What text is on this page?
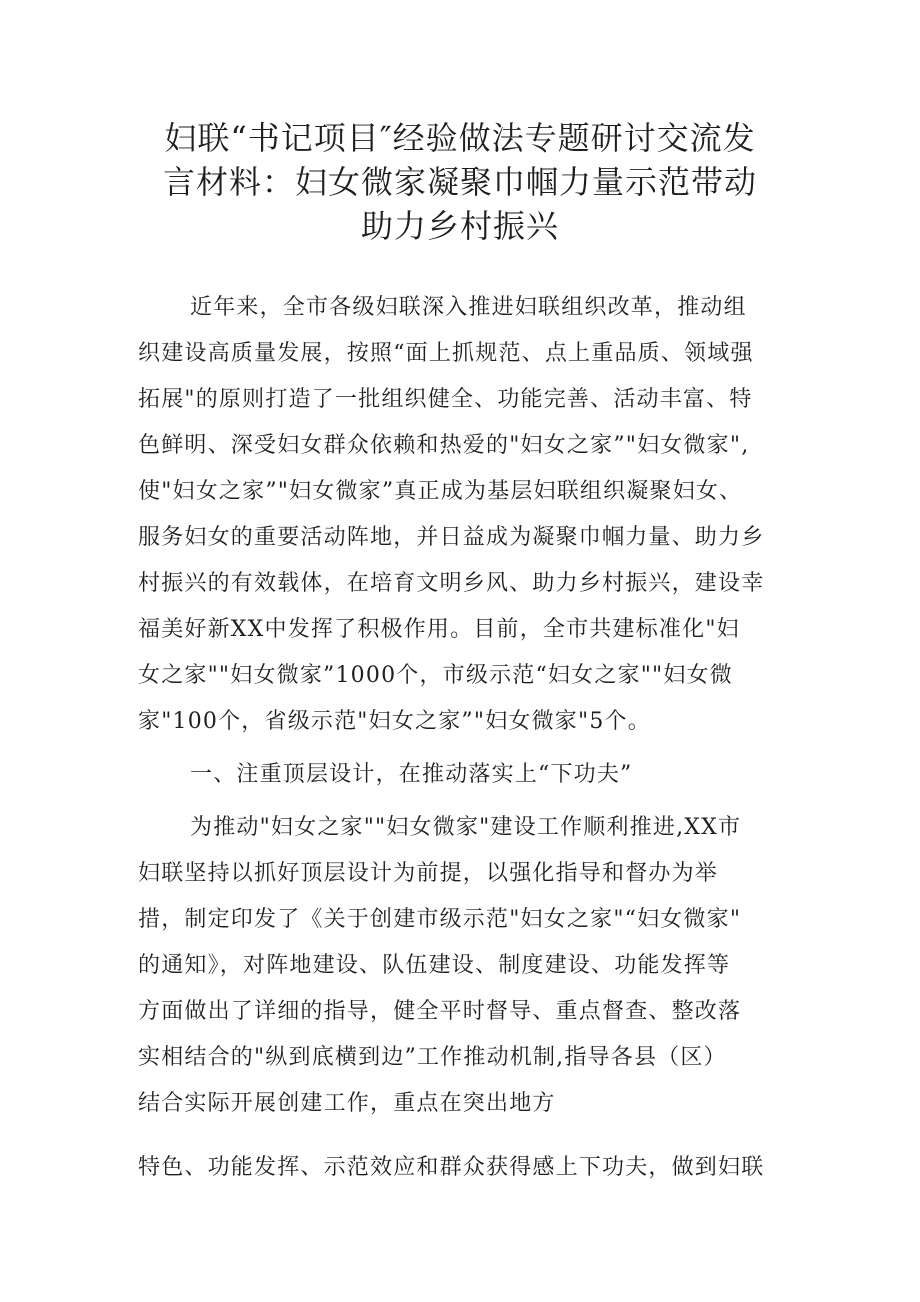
妇联“书记项目″经验做法专题研讨交流发
言材料：妇女微家凝聚巾帼力量示范带动
助力乡村振兴
近年来，全市各级妇联深入推进妇联组织改革，推动组
织建设高质量发展，按照“面上抓规范、点上重品质、领域强
拓展"的原则打造了一批组织健全、功能完善、活动丰富、特
色鲜明、深受妇女群众依赖和热爱的"妇女之家”"妇女微家",
使"妇女之家”"妇女微家”真正成为基层妇联组织凝聚妇女、
服务妇女的重要活动阵地，并日益成为凝聚巾帼力量、助力乡
村振兴的有效载体，在培育文明乡风、助力乡村振兴，建设幸
福美好新XX中发挥了积极作用。目前，全市共建标准化"妇
女之家""妇女微家”1000个，市级示范“妇女之家""妇女微
家"100个，省级示范"妇女之家”"妇女微家"5个。
一、注重顶层设计，在推动落实上“下功夫”
为推动"妇女之家""妇女微家"建设工作顺利推进,XX市
妇联坚持以抓好顶层设计为前提，以强化指导和督办为举
措，制定印发了《关于创建市级示范"妇女之家"“妇女微家"
的通知》，对阵地建设、队伍建设、制度建设、功能发挥等
方面做出了详细的指导，健全平时督导、重点督查、整改落
实相结合的"纵到底横到边”工作推动机制,指导各县（区）
结合实际开展创建工作，重点在突出地方
特色、功能发挥、示范效应和群众获得感上下功夫，做到妇联
